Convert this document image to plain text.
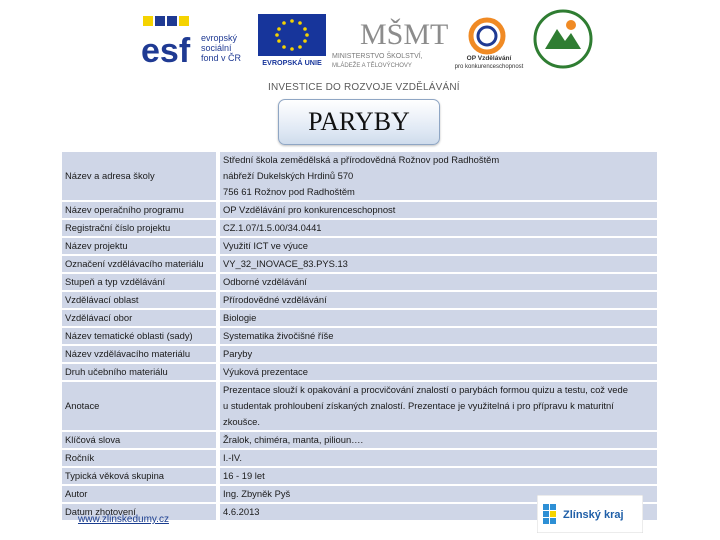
esf evropský
sociální
fond v ČR	EVROPSKÁ UNIE
MŠMT
MINISTERSTVO ŠKOLSTVÍ,
MLÁDEŽE A TĚLOVÝCHOVY
OP Vzdělávání
pro konkurenceschopnost
INVESTICE DO ROZVOJE VZDĚLÁVÁNÍ
PARYBY
Název a adresa školy	Střední škola zemědělská a přírodovědná Rožnov pod Radhoštěm
nábřeží Dukelských Hrdinů 570
756 61 Rožnov pod Radhoštěm

Název operačního programu	OP Vzdělávání pro konkurenceschopnost

Registrační číslo projektu	CZ.1.07/1.5.00/34.0441

Název projektu	Využití ICT ve výuce

Označení vzdělávacího materiálu	VY_32_INOVACE_83.PYS.13

Stupeň a typ vzdělávání	Odborné vzdělávání

Vzdělávací oblast	Přírodovědné vzdělávání

Vzdělávací obor	Biologie

Název tematické oblasti (sady)	Systematika živočišné říše

Název vzdělávacího materiálu	Paryby

Druh učebního materiálu	Výuková prezentace

Anotace	Prezentace slouží k opakování a procvičování znalostí o parybách formou quizu a testu, což vede
u studentak prohloubení získaných znalostí. Prezentace je využitelná i pro přípravu k maturitní
zkoušce.

Klíčová slova	Žralok, chiméra, manta, pilioun….

Ročník	I.-IV.

Typická věková skupina	16 - 19 let

Autor	Ing. Zbyněk Pyš

Datum zhotovení	4.6.2013
www.zlinskedumy.cz	Zlínský kraj
